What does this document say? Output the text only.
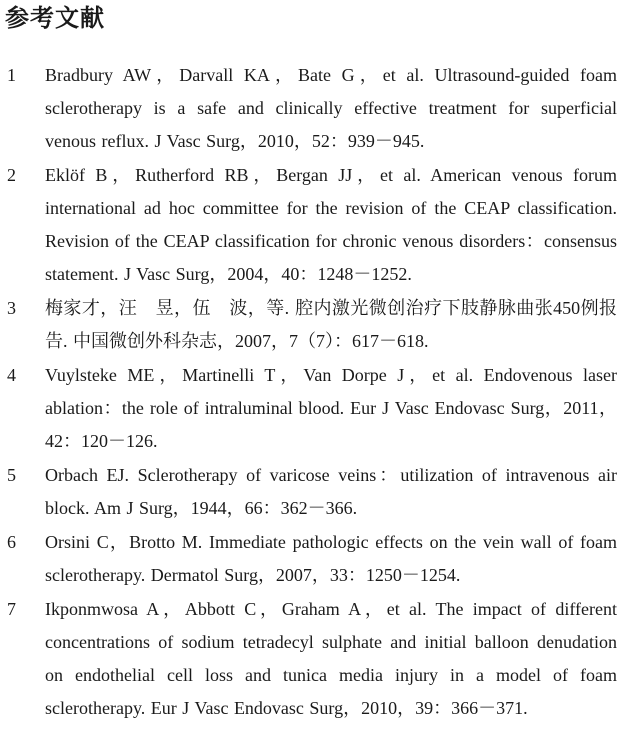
参考文献
1 Bradbury AW，Darvall KA，Bate G，et al. Ultrasound-guided foam sclerotherapy is a safe and clinically effective treatment for superficial venous reflux. J Vasc Surg，2010，52：939－945.
2 Eklöf B，Rutherford RB，Bergan JJ，et al. American venous forum international ad hoc committee for the revision of the CEAP classification. Revision of the CEAP classification for chronic venous disorders：consensus statement. J Vasc Surg，2004，40：1248－1252.
3 梅家才，汪　昱，伍　波，等. 腔内激光微创治疗下肢静脉曲张450例报告. 中国微创外科杂志，2007，7（7）：617－618.
4 Vuylsteke ME，Martinelli T，Van Dorpe J，et al. Endovenous laser ablation：the role of intraluminal blood. Eur J Vasc Endovasc Surg，2011，42：120－126.
5 Orbach EJ. Sclerotherapy of varicose veins：utilization of intravenous air block. Am J Surg，1944，66：362－366.
6 Orsini C，Brotto M. Immediate pathologic effects on the vein wall of foam sclerotherapy. Dermatol Surg，2007，33：1250－1254.
7 Ikponmwosa A，Abbott C，Graham A，et al. The impact of different concentrations of sodium tetradecyl sulphate and initial balloon denudation on endothelial cell loss and tunica media injury in a model of foam sclerotherapy. Eur J Vasc Endovasc Surg，2010，39：366－371.
